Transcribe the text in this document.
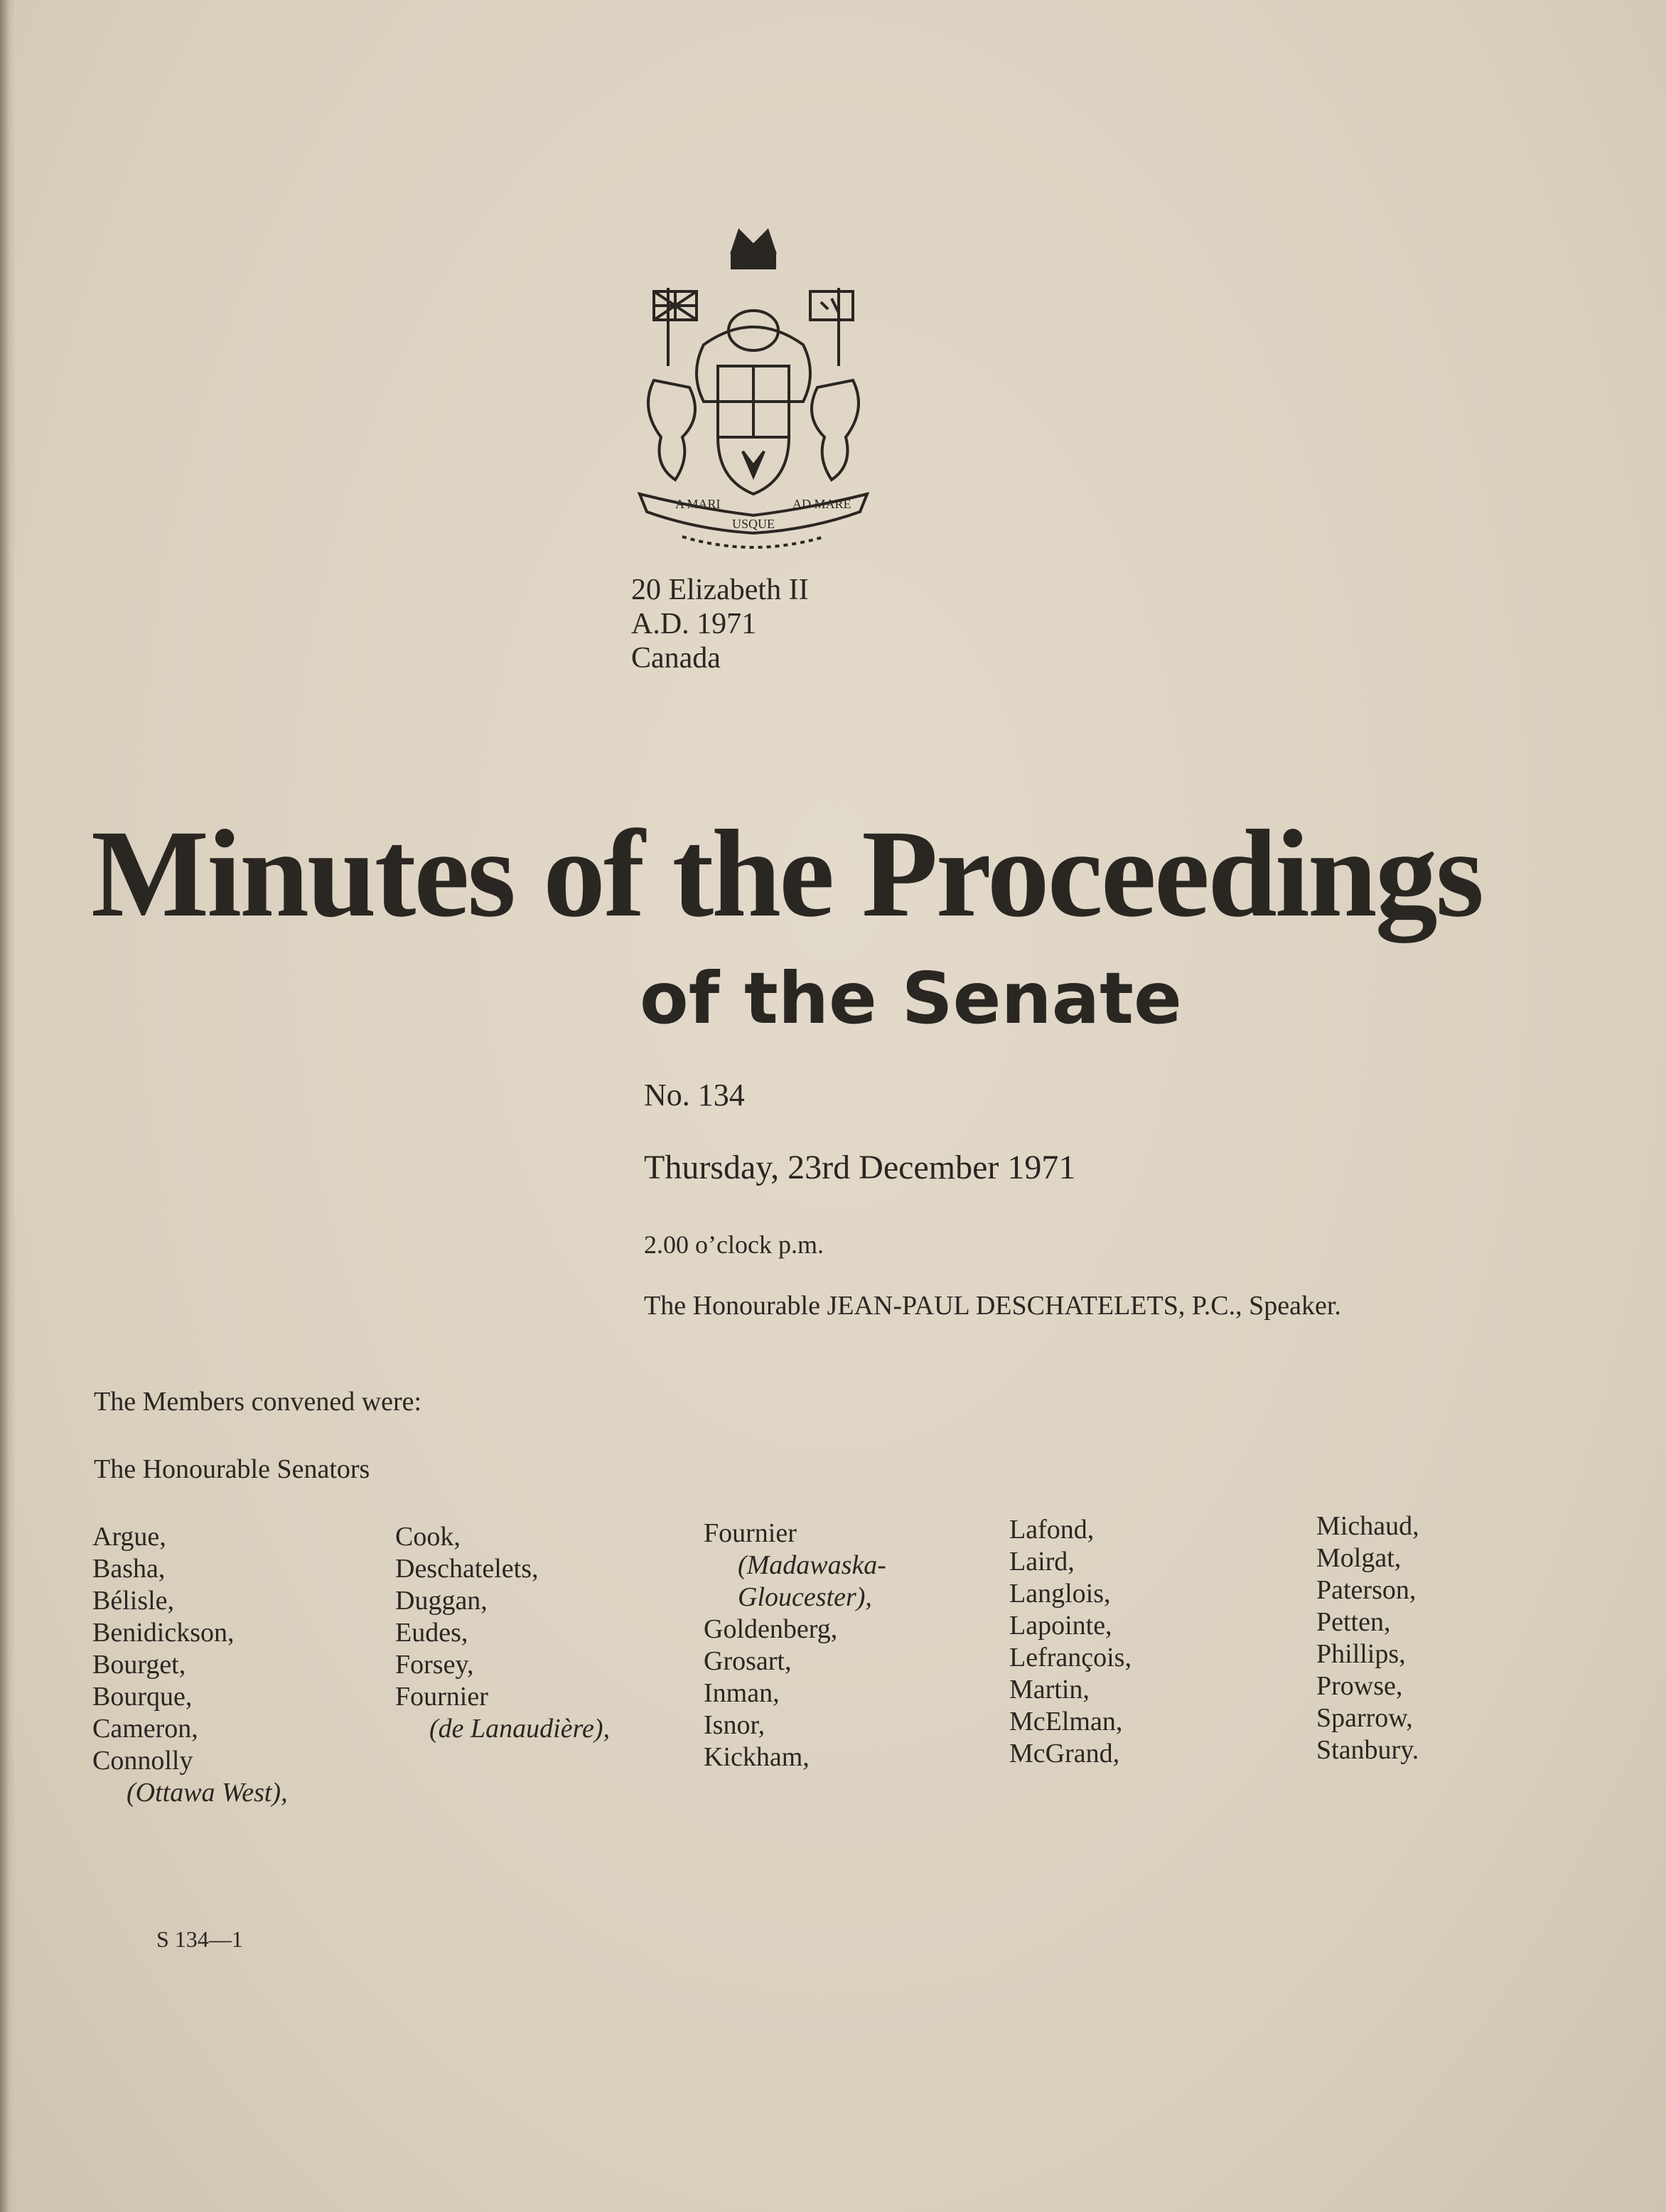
A MARI
USQUE
AD MARE
20 Elizabeth II
A.D. 1971
Canada
Minutes of the Proceedings
of the Senate
No. 134
Thursday, 23rd December 1971
2.00 o’clock p.m.
The Honourable JEAN-PAUL DESCHATELETS, P.C., Speaker.
The Members convened were:
The Honourable Senators
Argue,
Basha,
Bélisle,
Benidickson,
Bourget,
Bourque,
Cameron,
Connolly
(Ottawa West),
Cook,
Deschatelets,
Duggan,
Eudes,
Forsey,
Fournier
(de Lanaudière),
Fournier
(Madawaska-
Gloucester),
Goldenberg,
Grosart,
Inman,
Isnor,
Kickham,
Lafond,
Laird,
Langlois,
Lapointe,
Lefrançois,
Martin,
McElman,
McGrand,
Michaud,
Molgat,
Paterson,
Petten,
Phillips,
Prowse,
Sparrow,
Stanbury.
S 134—1
